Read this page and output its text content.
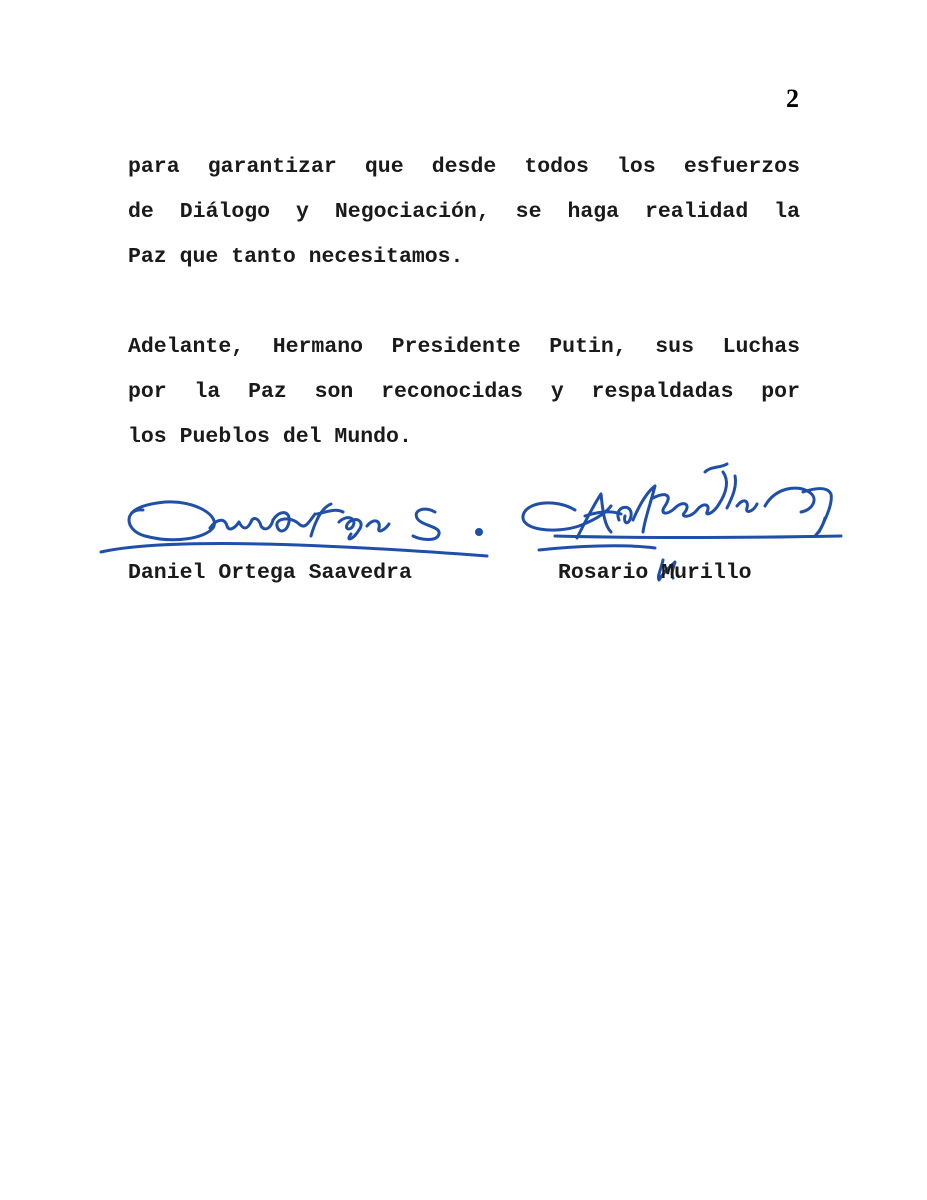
2
para garantizar que desde todos los esfuerzos
de Diálogo y Negociación, se haga realidad la
Paz que tanto necesitamos.
Adelante, Hermano Presidente Putin, sus Luchas
por la Paz son reconocidas y respaldadas por
los Pueblos del Mundo.
Daniel Ortega Saavedra	Rosario Murillo
